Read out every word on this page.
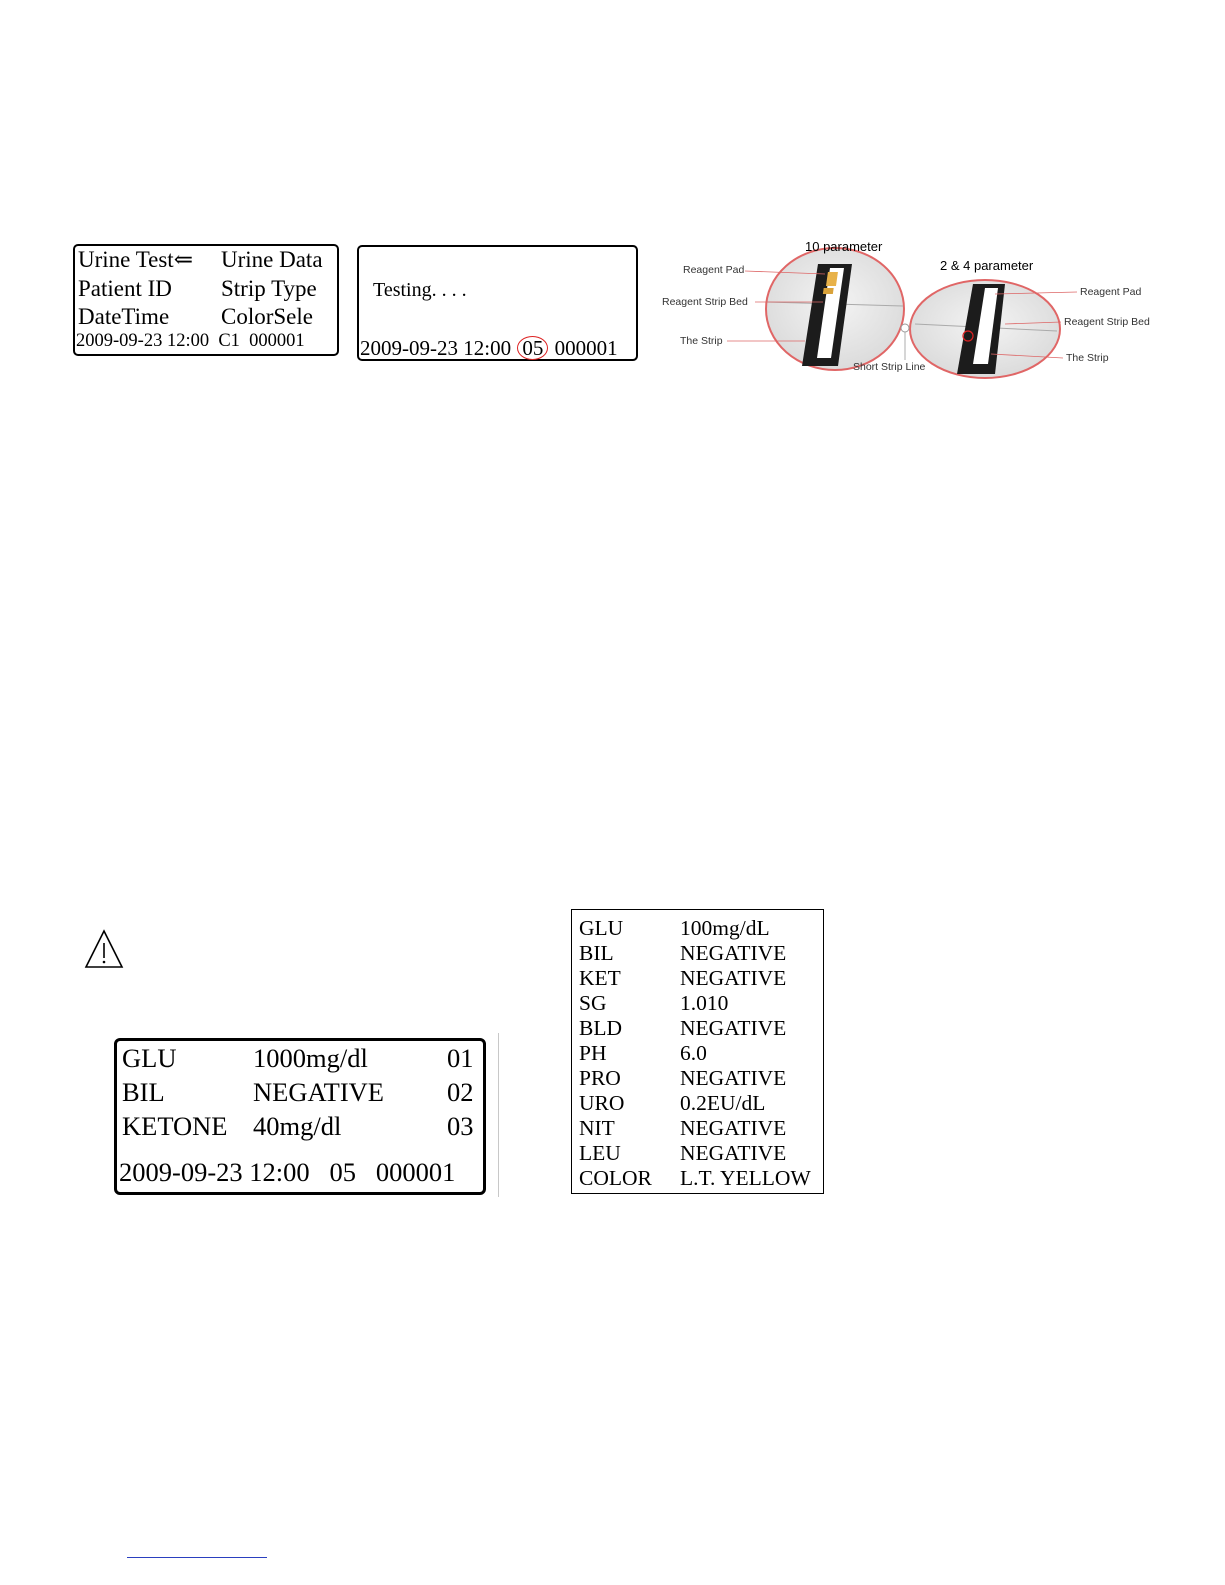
Urine Test⇐ Urine Data
Patient ID Strip Type
DateTime ColorSele
2009-09-23 12:00  C1  000001
Testing. . . .
2009-09-23 12:00 05 000001
10 parameter
2 & 4 parameter
Reagent Pad
Reagent Strip Bed
The Strip
Short Strip Line
Reagent Pad
Reagent Strip Bed
The Strip
GLU	1000mg/dl	01
BIL	NEGATIVE 02
KETONE 40mg/dl	03
2009-09-23 12:00   05   000001
GLU	100mg/dL
BIL	NEGATIVE
KET	NEGATIVE
SG	1.010
BLD	NEGATIVE
PH	6.0
PRO	NEGATIVE
URO	0.2EU/dL
NIT	NEGATIVE
LEU	NEGATIVE
COLOR L.T. YELLOW
